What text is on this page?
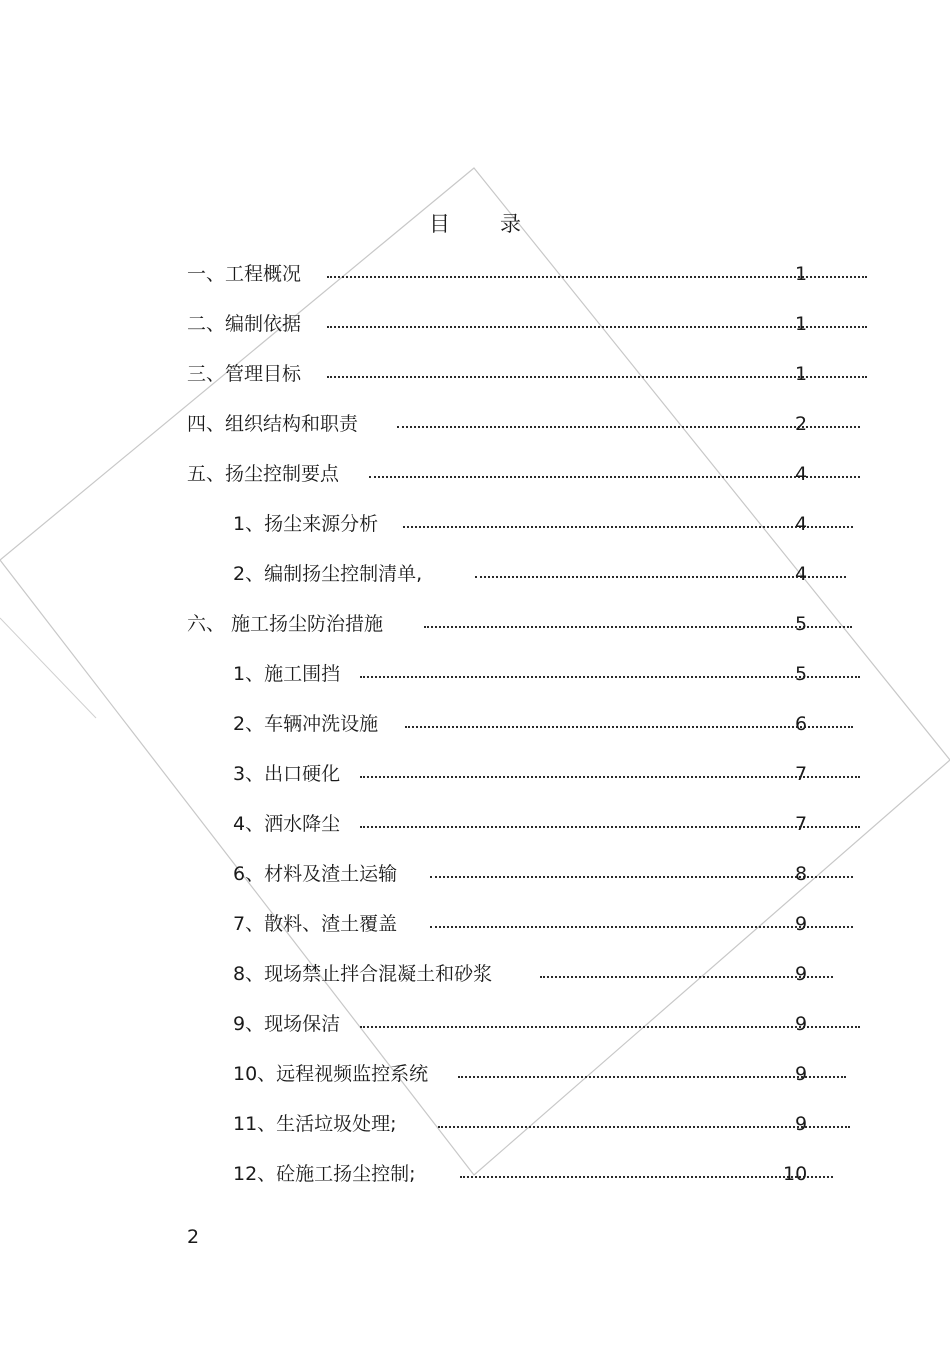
目 录
一、工程概况	1
二、编制依据	1
三、管理目标	1
四、组织结构和职责	2
五、扬尘控制要点	4
1、扬尘来源分析	4
2、编制扬尘控制清单,	4
六、 施工扬尘防治措施	5
1、施工围挡	5
2、车辆冲洗设施	6
3、出口硬化	7
4、洒水降尘	7
6、材料及渣土运输	8
7、散料、渣土覆盖	9
8、现场禁止拌合混凝土和砂浆	9
9、现场保洁	9
10、远程视频监控系统	9
11、生活垃圾处理;	9
12、砼施工扬尘控制;	10
2
